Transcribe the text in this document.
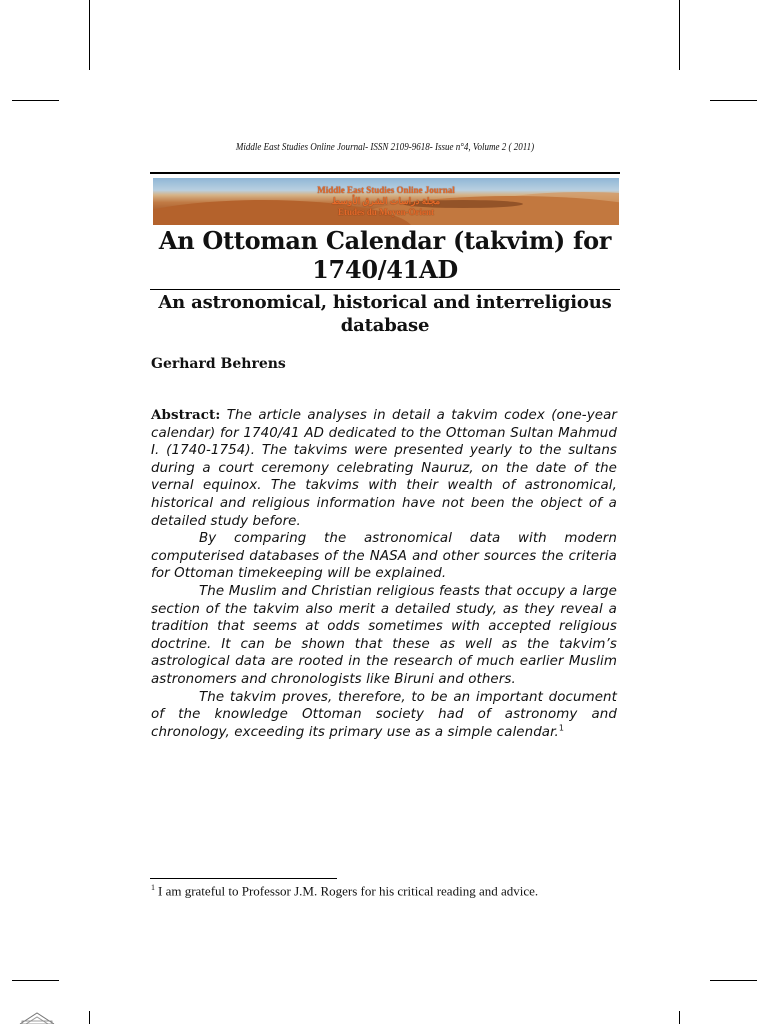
Middle East Studies Online Journal- ISSN 2109-9618- Issue n°4, Volume 2 ( 2011)
Middle East Studies Online Journal
مجلة دراسات الشرق الأوسط
Etudes du Moyen-Orient
An Ottoman Calendar (takvim) for 1740/41AD
An astronomical, historical and interreligious database
Gerhard Behrens

Abstract: The article analyses in detail a takvim codex (one-year calendar) for 1740/41 AD dedicated to the Ottoman Sultan Mahmud I. (1740-1754). The takvims were presented yearly to the sultans during a court ceremony celebrating Nauruz, on the date of the vernal equinox. The takvims with their wealth of astronomical, historical and religious information have not been the object of a detailed study before.

By comparing the astronomical data with modern computerised databases of the NASA and other sources the criteria for Ottoman timekeeping will be explained.

The Muslim and Christian religious feasts that occupy a large section of the takvim also merit a detailed study, as they reveal a tradition that seems at odds sometimes with accepted religious doctrine. It can be shown that these as well as the takvim’s astrological data are rooted in the research of much earlier Muslim astronomers and chronologists like Biruni and others.

The takvim proves, therefore, to be an important document of the knowledge Ottoman society had of astronomy and chronology, exceeding its primary use as a simple calendar.$^1$

$^1$ I am grateful to Professor J.M. Rogers for his critical reading and advice.
